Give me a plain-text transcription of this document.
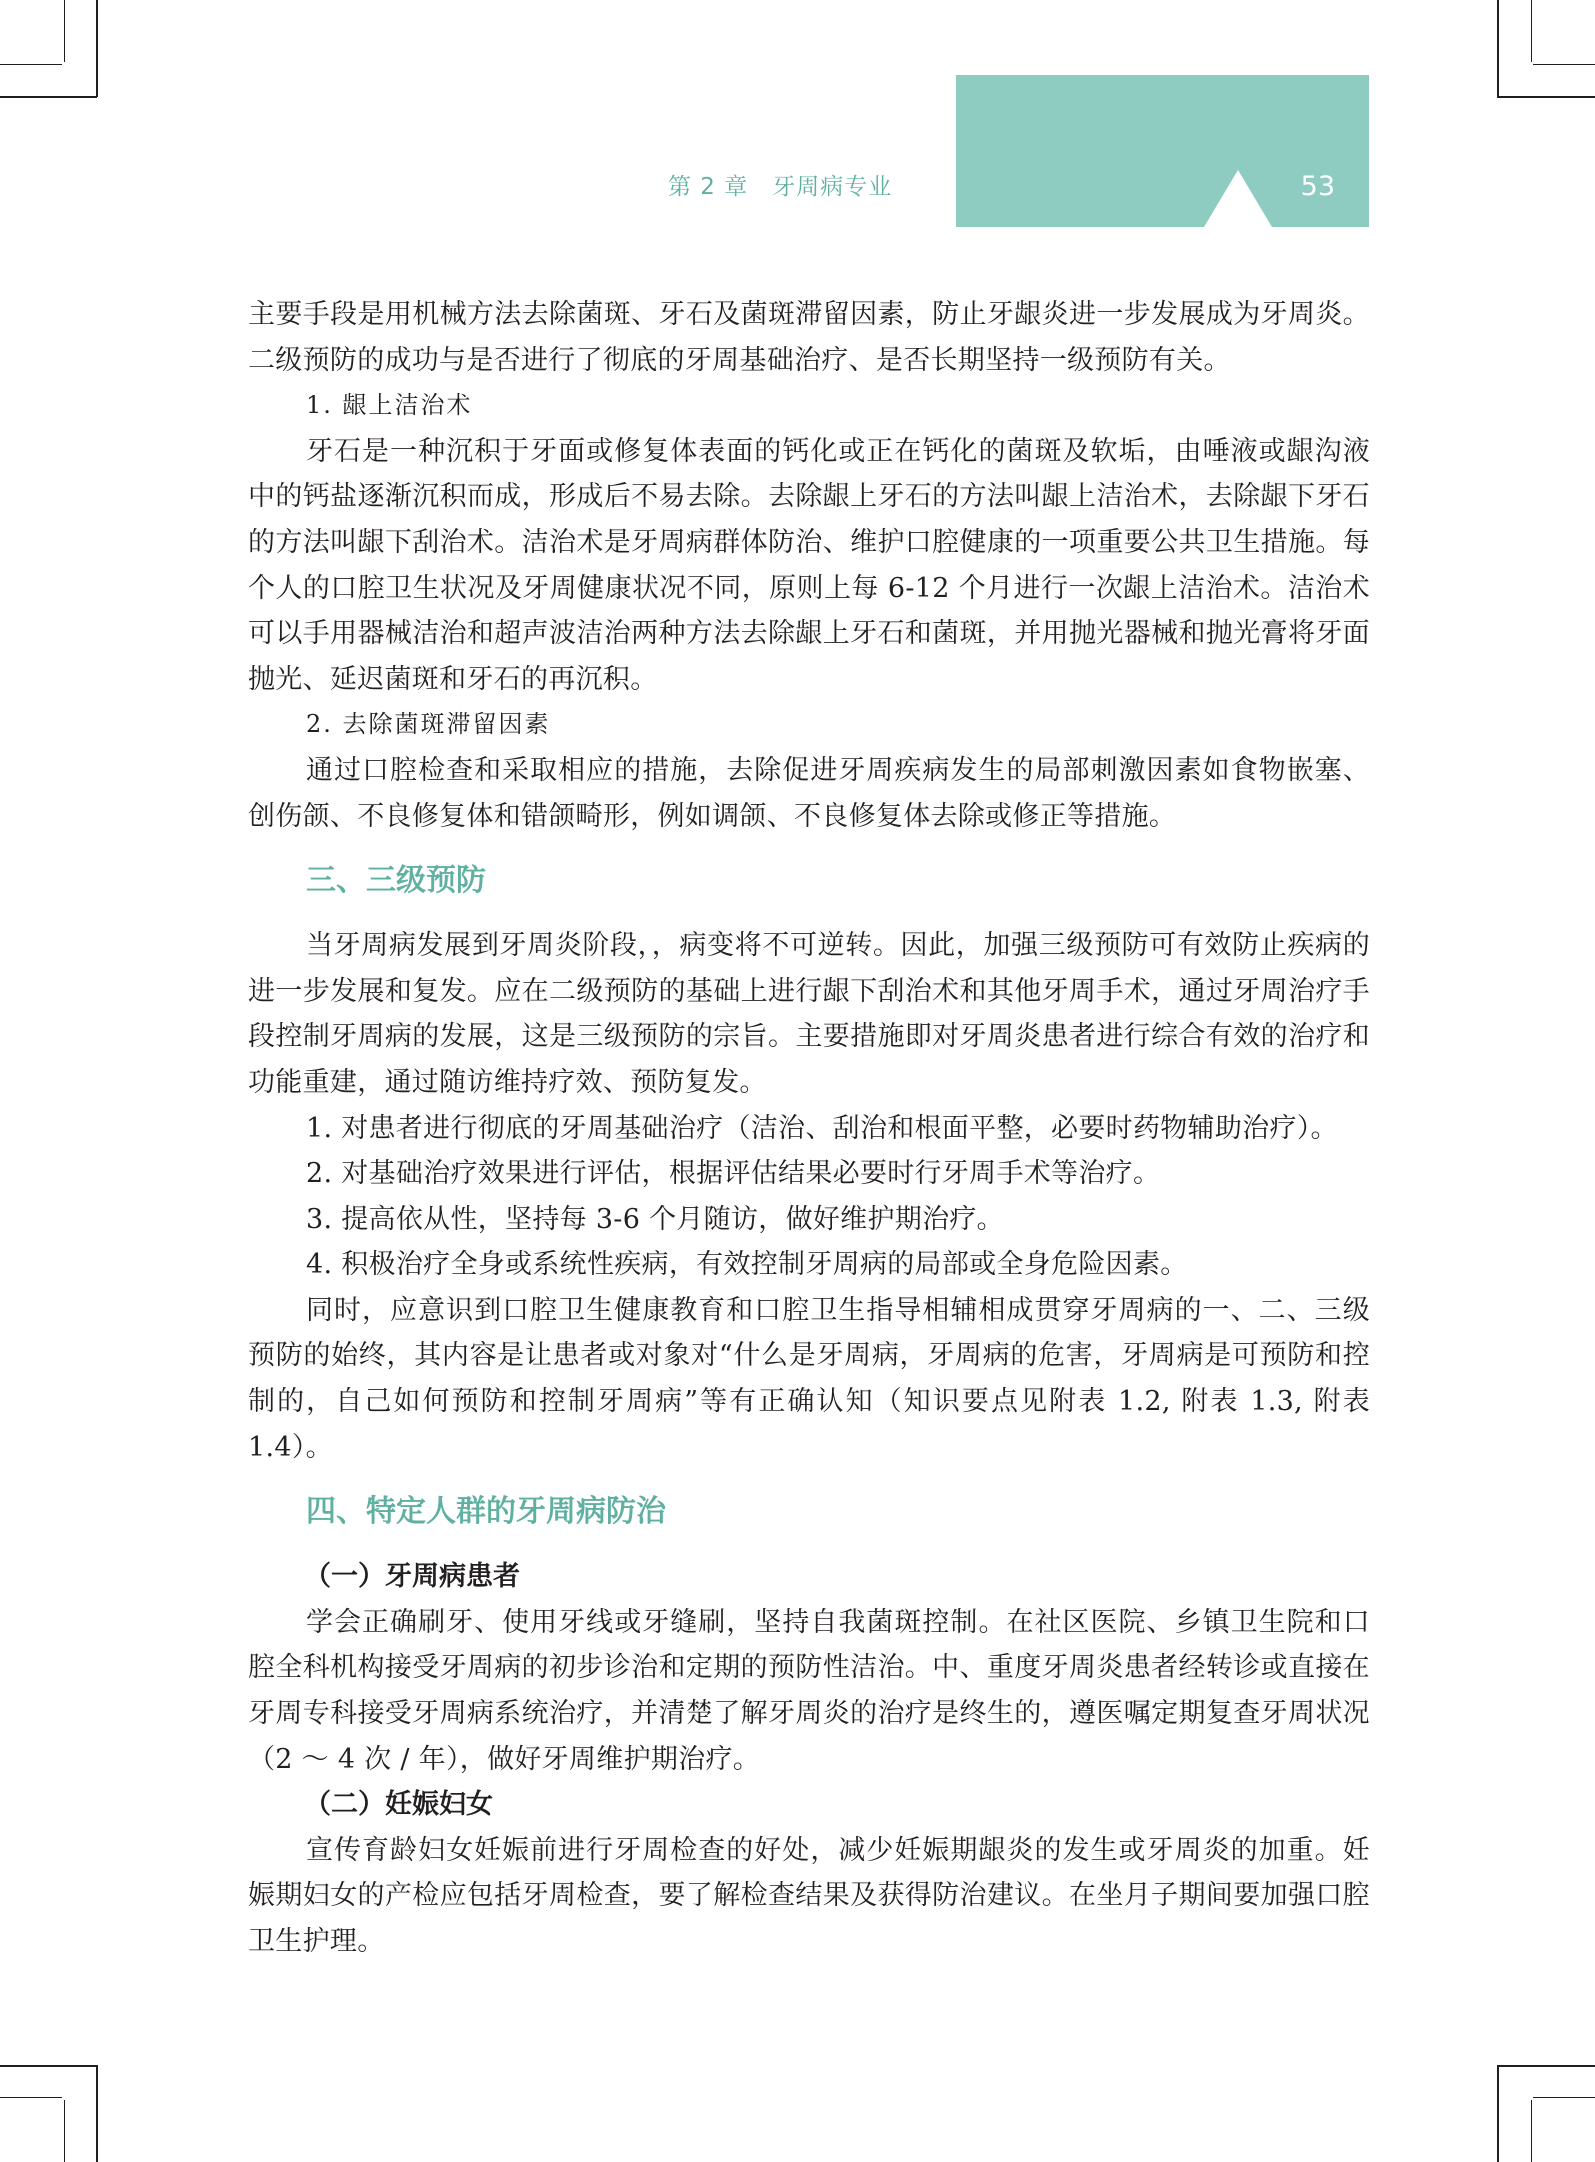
第 2 章　牙周病专业	53

主要手段是用机械方法去除菌斑、牙石及菌斑滞留因素，防止牙龈炎进一步发展成为牙周炎。二级预防的成功与是否进行了彻底的牙周基础治疗、是否长期坚持一级预防有关。

1. 龈上洁治术

牙石是一种沉积于牙面或修复体表面的钙化或正在钙化的菌斑及软垢，由唾液或龈沟液中的钙盐逐渐沉积而成，形成后不易去除。去除龈上牙石的方法叫龈上洁治术，去除龈下牙石的方法叫龈下刮治术。洁治术是牙周病群体防治、维护口腔健康的一项重要公共卫生措施。每个人的口腔卫生状况及牙周健康状况不同，原则上每 6-12 个月进行一次龈上洁治术。洁治术可以手用器械洁治和超声波洁治两种方法去除龈上牙石和菌斑，并用抛光器械和抛光膏将牙面抛光、延迟菌斑和牙石的再沉积。

2. 去除菌斑滞留因素

通过口腔检查和采取相应的措施，去除促进牙周疾病发生的局部刺激因素如食物嵌塞、创伤颌、不良修复体和错颌畸形，例如调颌、不良修复体去除或修正等措施。

三、三级预防

当牙周病发展到牙周炎阶段，，病变将不可逆转。因此，加强三级预防可有效防止疾病的进一步发展和复发。应在二级预防的基础上进行龈下刮治术和其他牙周手术，通过牙周治疗手段控制牙周病的发展，这是三级预防的宗旨。主要措施即对牙周炎患者进行综合有效的治疗和功能重建，通过随访维持疗效、预防复发。

1. 对患者进行彻底的牙周基础治疗（洁治、刮治和根面平整，必要时药物辅助治疗）。

2. 对基础治疗效果进行评估，根据评估结果必要时行牙周手术等治疗。

3. 提高依从性，坚持每 3-6 个月随访，做好维护期治疗。

4. 积极治疗全身或系统性疾病，有效控制牙周病的局部或全身危险因素。

同时，应意识到口腔卫生健康教育和口腔卫生指导相辅相成贯穿牙周病的一、二、三级预防的始终，其内容是让患者或对象对“什么是牙周病，牙周病的危害，牙周病是可预防和控制的，自己如何预防和控制牙周病”等有正确认知（知识要点见附表 1.2, 附表 1.3, 附表 1.4）。

四、特定人群的牙周病防治

（一）牙周病患者

学会正确刷牙、使用牙线或牙缝刷，坚持自我菌斑控制。在社区医院、乡镇卫生院和口腔全科机构接受牙周病的初步诊治和定期的预防性洁治。中、重度牙周炎患者经转诊或直接在牙周专科接受牙周病系统治疗，并清楚了解牙周炎的治疗是终生的，遵医嘱定期复查牙周状况（2 ～ 4 次 / 年），做好牙周维护期治疗。

（二）妊娠妇女

宣传育龄妇女妊娠前进行牙周检查的好处，减少妊娠期龈炎的发生或牙周炎的加重。妊娠期妇女的产检应包括牙周检查，要了解检查结果及获得防治建议。在坐月子期间要加强口腔卫生护理。
